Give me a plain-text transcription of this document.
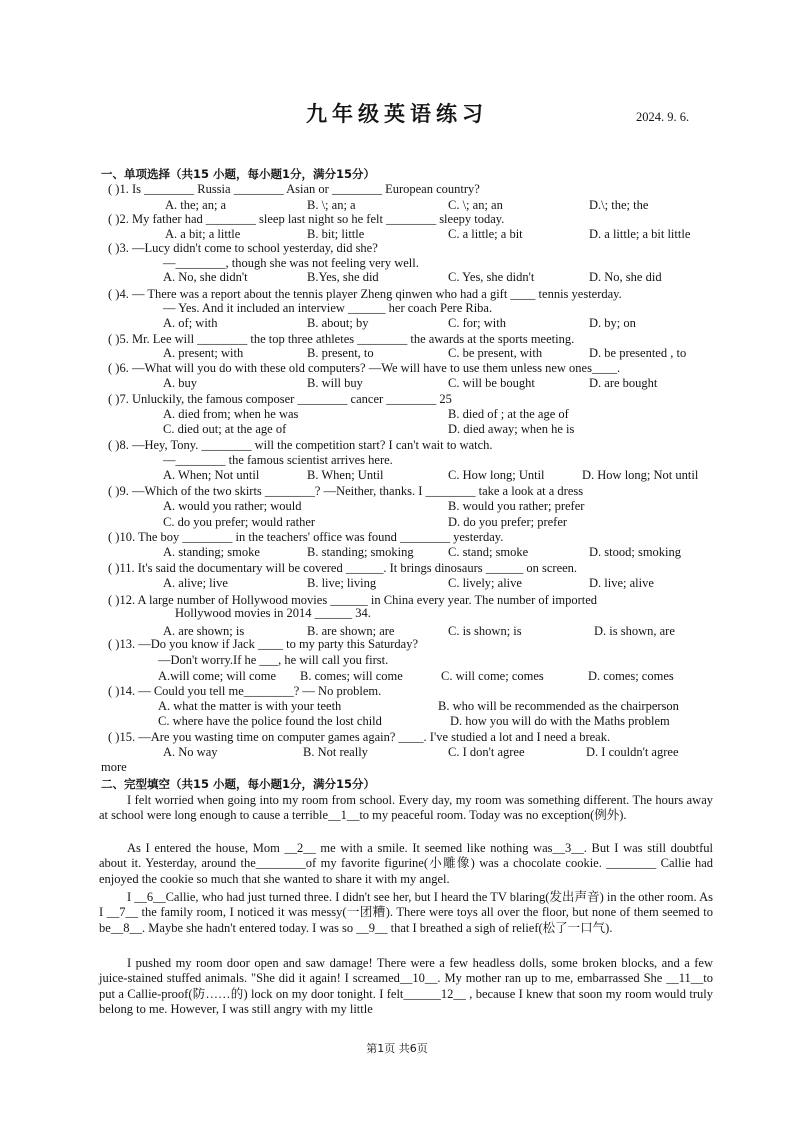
九年级英语练习	2024. 9. 6.
一、单项选择（共15 小题，每小题1分，满分15分）
( )1. Is ________ Russia ________ Asian or ________ European country?
A. the; an; a	B. \; an; a	C. \; an; an	D.\; the; the
( )2. My father had ________ sleep last night so he felt ________ sleepy today.
A. a bit; a little	B. bit; little	C. a little; a bit	D. a little; a bit little
( )3. —Lucy didn't come to school yesterday, did she?
—________, though she was not feeling very well.
A. No, she didn't	B.Yes, she did	C. Yes, she didn't	D. No, she did
( )4. — There was a report about the tennis player Zheng qinwen who had a gift ____ tennis yesterday.
— Yes. And it included an interview ______ her coach Pere Riba.
A. of; with	B. about; by	C. for; with	D. by; on
( )5. Mr. Lee will ________ the top three athletes ________ the awards at the sports meeting.
A. present; with	B. present, to	C. be present, with	D. be presented , to
( )6. —What will you do with these old computers? —We will have to use them unless new ones____.
A. buy	B. will buy	C. will be bought	D. are bought
( )7. Unluckily, the famous composer ________ cancer ________ 25
A. died from; when he was	B. died of ; at the age of
C. died out; at the age of	D. died away; when he is
( )8. —Hey, Tony. ________ will the competition start? I can't wait to watch.
—________ the famous scientist arrives here.
A. When; Not until	B. When; Until	C. How long; Until	D. How long; Not until
( )9. —Which of the two skirts ________? —Neither, thanks. I ________ take a look at a dress
A. would you rather; would	B. would you rather; prefer
C. do you prefer; would rather	D. do you prefer; prefer
( )10. The boy ________ in the teachers' office was found ________ yesterday.
A. standing; smoke	B. standing; smoking	C. stand; smoke	D. stood; smoking
( )11. It's said the documentary will be covered ______. It brings dinosaurs ______ on screen.
A. alive; live	B. live; living	C. lively; alive	D. live; alive
( )12. A large number of Hollywood movies ______ in China every year. The number of imported
Hollywood movies in 2014 ______ 34.
A. are shown; is	B. are shown; are	C. is shown; is	D. is shown, are
( )13. —Do you know if Jack ____ to my party this Saturday?
—Don't worry.If he ___, he will call you first.
A.will come; will come B. comes; will come	C. will come; comes	D. comes; comes
( )14. — Could you tell me________? — No problem.
A. what the matter is with your teeth	B. who will be recommended as the chairperson
C. where have the police found the lost child	D. how you will do with the Maths problem
( )15. —Are you wasting time on computer games again? ____. I've studied a lot and I need a break.
A. No way	B. Not really	C. I don't agree	D. I couldn't agree
more
二、完型填空（共15 小题，每小题1分，满分15分）
I felt worried when going into my room from school. Every day, my room was something different. The hours away at school were long enough to cause a terrible__1__to my peaceful room. Today was no exception(例外).
As I entered the house, Mom __2__ me with a smile. It seemed like nothing was__3__. But I was still doubtful about it. Yesterday, around the________of my favorite figurine(小雕像) was a chocolate cookie. ________ Callie had enjoyed the cookie so much that she wanted to share it with my angel.
I __6__Callie, who had just turned three. I didn't see her, but I heard the TV blaring(发出声音) in the other room. As I __7__ the family room, I noticed it was messy(一团糟). There were toys all over the floor, but none of them seemed to be__8__. Maybe she hadn't entered today. I was so __9__ that I breathed a sigh of relief(松了一口气).
I pushed my room door open and saw damage! There were a few headless dolls, some broken blocks, and a few juice-stained stuffed animals. "She did it again! I screamed__10__. My mother ran up to me, embarrassed She __11__to put a Callie-proof(防……的) lock on my door tonight. I felt______12__ , because I knew that soon my room would truly belong to me. However, I was still angry with my little
第1页 共6页
